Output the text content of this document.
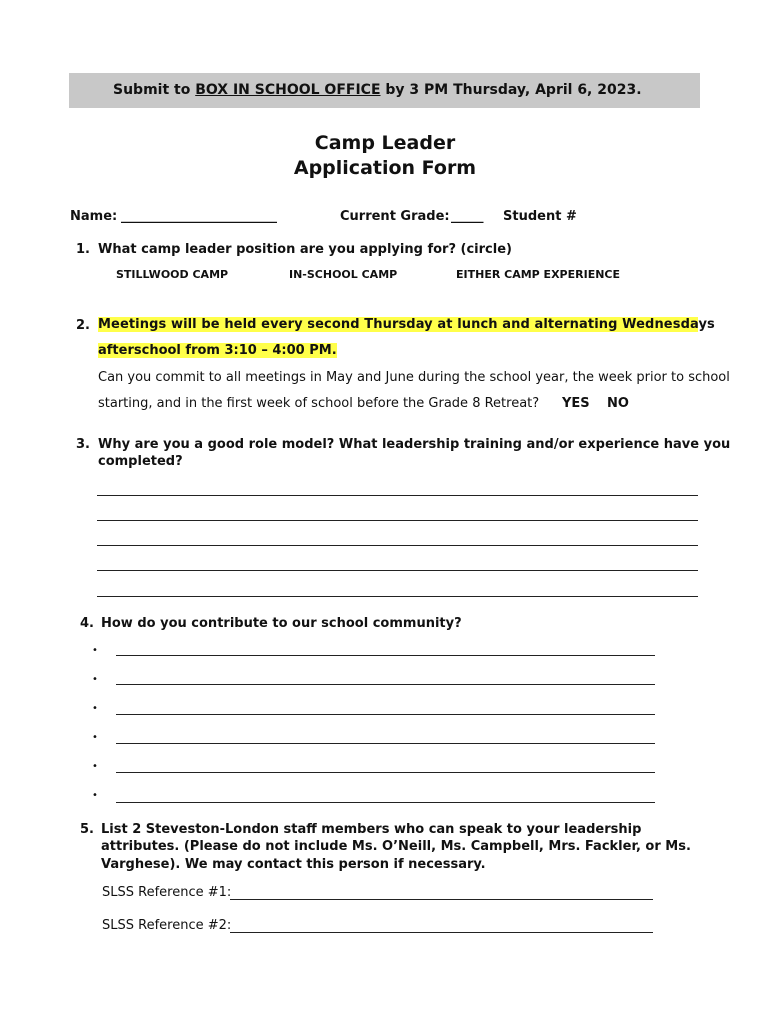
Submit to BOX IN SCHOOL OFFICE by 3 PM Thursday, April 6, 2023.
Camp Leader
Application Form
Name: ________________________	Current Grade: _____ Student #
1. What camp leader position are you applying for? (circle)
STILLWOOD CAMP	IN-SCHOOL CAMP	EITHER CAMP EXPERIENCE
2. Meetings will be held every second Thursday at lunch and alternating Wednesdays
afterschool from 3:10 – 4:00 PM.
Can you commit to all meetings in May and June during the school year, the week prior to school
starting, and in the first week of school before the Grade 8 Retreat? YES NO
3. Why are you a good role model? What leadership training and/or experience have you
completed?
4. How do you contribute to our school community?
•
•
•
•
•
•
5. List 2 Steveston-London staff members who can speak to your leadership
attributes. (Please do not include Ms. O’Neill, Ms. Campbell, Mrs. Fackler, or Ms.
Varghese). We may contact this person if necessary.
SLSS Reference #1:
SLSS Reference #2:
